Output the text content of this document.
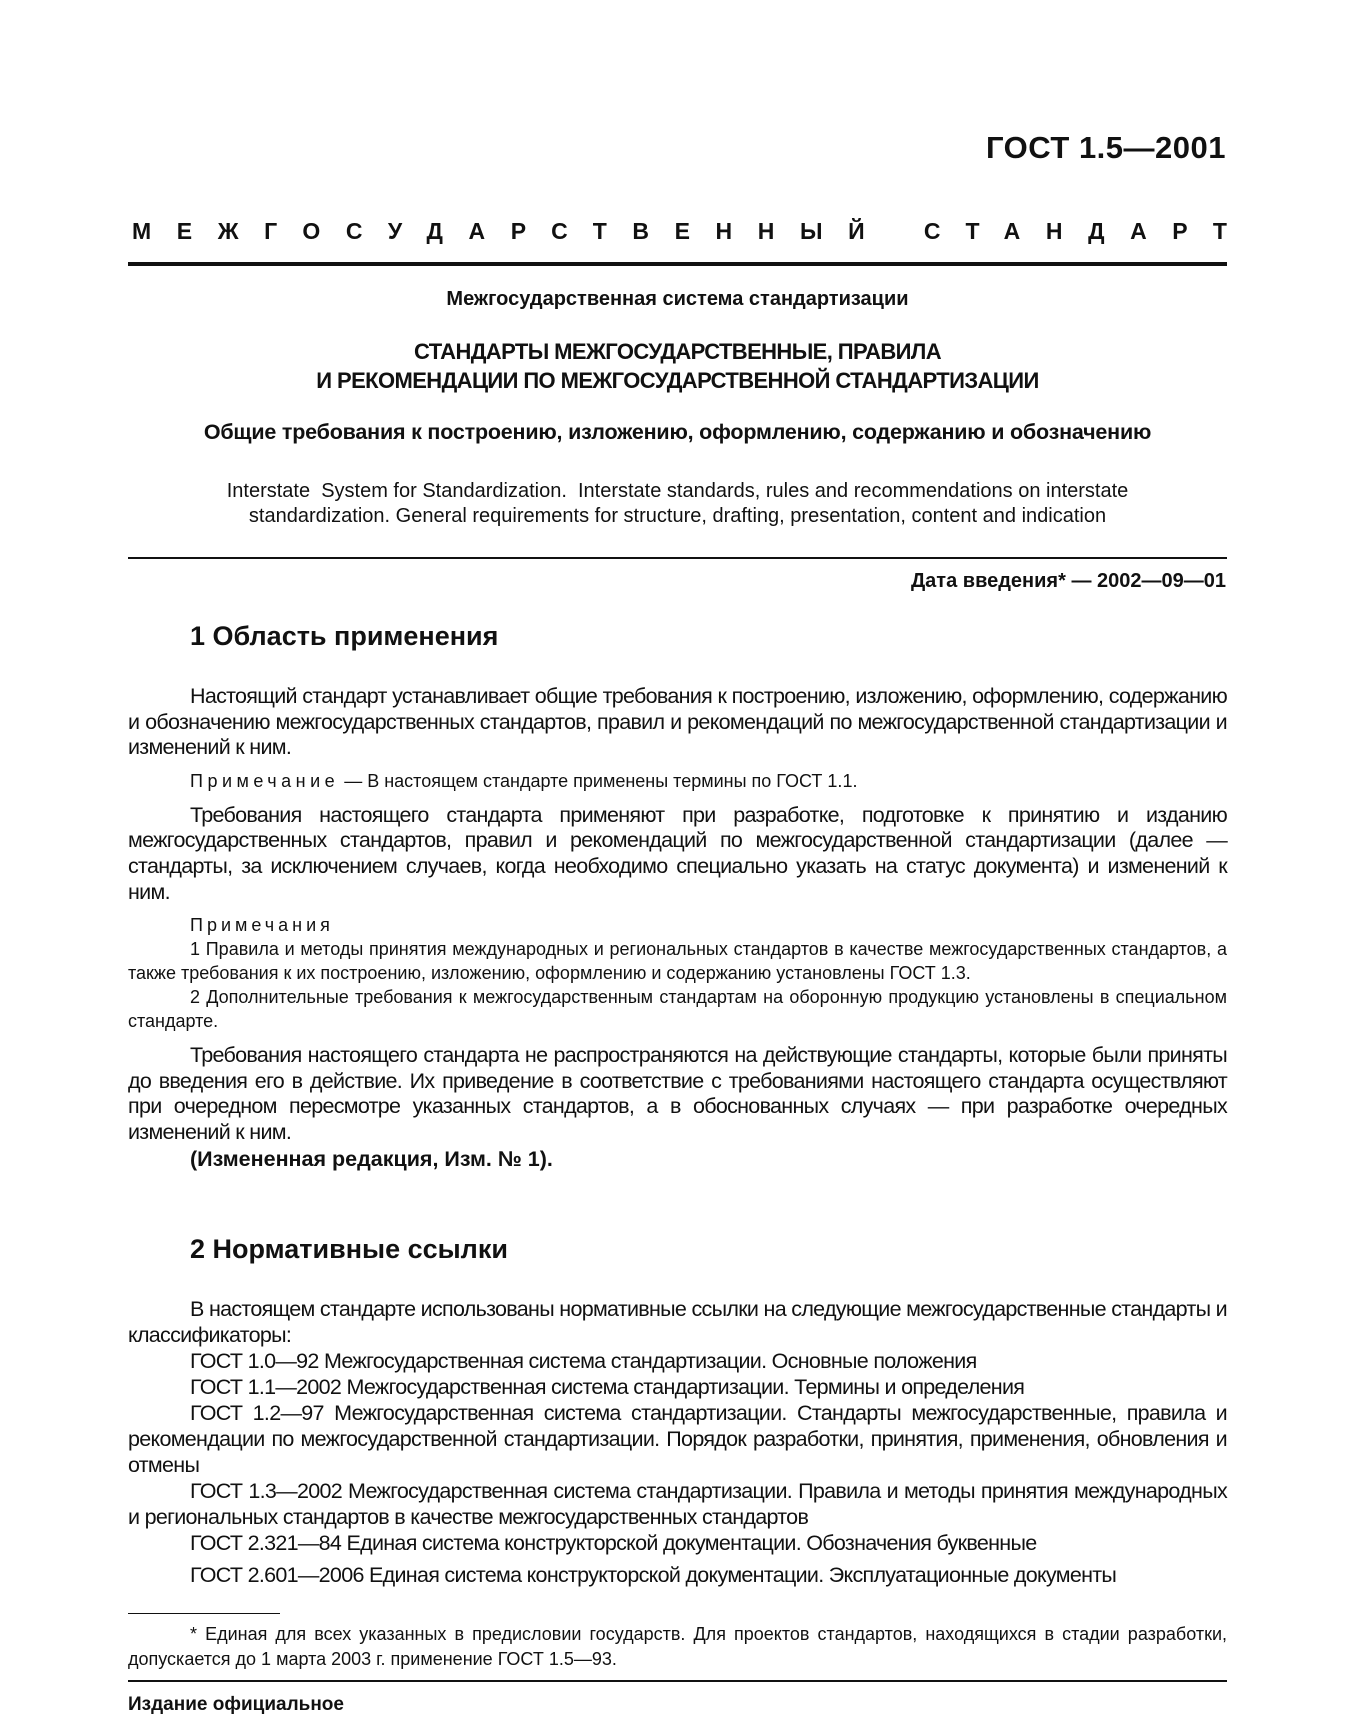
ГОСТ 1.5—2001
МЕЖГОСУДАРСТВЕННЫЙ СТАНДАРТ
Межгосударственная система стандартизации
СТАНДАРТЫ МЕЖГОСУДАРСТВЕННЫЕ, ПРАВИЛА
И РЕКОМЕНДАЦИИ ПО МЕЖГОСУДАРСТВЕННОЙ СТАНДАРТИЗАЦИИ
Общие требования к построению, изложению, оформлению, содержанию и обозначению
Interstate  System for Standardization.  Interstate standards, rules and recommendations on interstate
standardization. General requirements for structure, drafting, presentation, content and indication
Дата введения* — 2002—09—01
1 Область применения

Настоящий стандарт устанавливает общие требования к построению, изложению, оформлению, содержанию и обозначению межгосударственных стандартов, правил и рекомендаций по межгосударственной стандартизации и изменений к ним.

Примечание — В настоящем стандарте применены термины по ГОСТ 1.1.

Требования настоящего стандарта применяют при разработке, подготовке к принятию и изданию межгосударственных стандартов, правил и рекомендаций по межгосударственной стандартизации (далее — стандарты, за исключением случаев, когда необходимо специально указать на статус документа) и изменений к ним.

Примечания

1 Правила и методы принятия международных и региональных стандартов в качестве межгосударственных стандартов, а также требования к их построению, изложению, оформлению и содержанию установлены ГОСТ 1.3.

2 Дополнительные требования к межгосударственным стандартам на оборонную продукцию установлены в специальном стандарте.

Требования настоящего стандарта не распространяются на действующие стандарты, которые были приняты до введения его в действие. Их приведение в соответствие с требованиями настоящего стандарта осуществляют при очередном пересмотре указанных стандартов, а в обоснованных случаях — при разработке очередных изменений к ним.

(Измененная редакция, Изм. № 1).

2 Нормативные ссылки

В настоящем стандарте использованы нормативные ссылки на следующие межгосударственные стандарты и классификаторы:

ГОСТ 1.0—92 Межгосударственная система стандартизации. Основные положения

ГОСТ 1.1—2002 Межгосударственная система стандартизации. Термины и определения

ГОСТ 1.2—97 Межгосударственная система стандартизации. Стандарты межгосударственные, правила и рекомендации по межгосударственной стандартизации. Порядок разработки, принятия, применения, обновления и отмены

ГОСТ 1.3—2002 Межгосударственная система стандартизации. Правила и методы принятия международных и региональных стандартов в качестве межгосударственных стандартов

ГОСТ 2.321—84 Единая система конструкторской документации. Обозначения буквенные

ГОСТ 2.601—2006 Единая система конструкторской документации. Эксплуатационные документы

* Единая для всех указанных в предисловии государств. Для проектов стандартов, находящихся в стадии разработки, допускается до 1 марта 2003 г. применение ГОСТ 1.5—93.

Издание официальное
